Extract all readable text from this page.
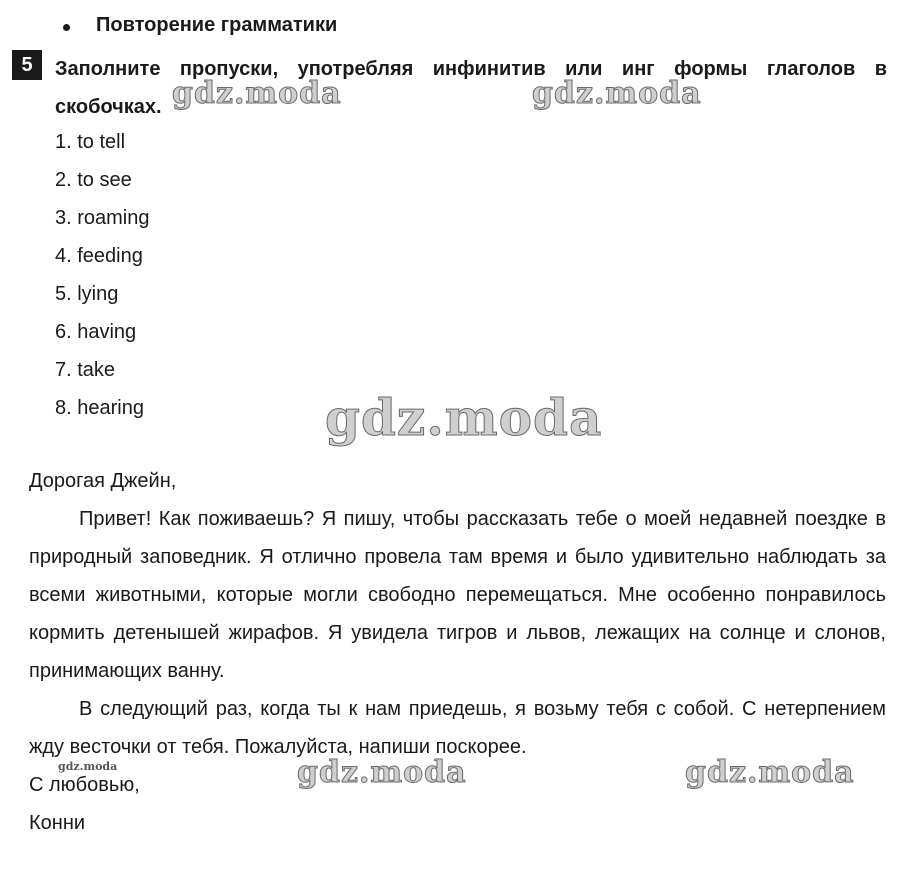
Повторение грамматики
5	Заполните пропуски, употребляя инфинитив или инг формы глаголов в
скобочках.
1. to tell
2. to see
3. roaming
4. feeding
5. lying
6. having
7. take
8. hearing

Дорогая Джейн,

Привет! Как поживаешь? Я пишу, чтобы рассказать тебе о моей недавней поездке в природный заповедник. Я отлично провела там время и было удивительно наблюдать за всеми животными, которые могли свободно перемещаться. Мне особенно понравилось кормить детенышей жирафов. Я увидела тигров и львов, лежащих на солнце и слонов, принимающих ванну.

В следующий раз, когда ты к нам приедешь, я возьму тебя с собой. С нетерпением жду весточки от тебя. Пожалуйста, напиши поскорее.

С любовью,

Конни

gdz.moda	gdz.moda
gdz.moda
gdz.moda	gdz.moda	gdz.moda
